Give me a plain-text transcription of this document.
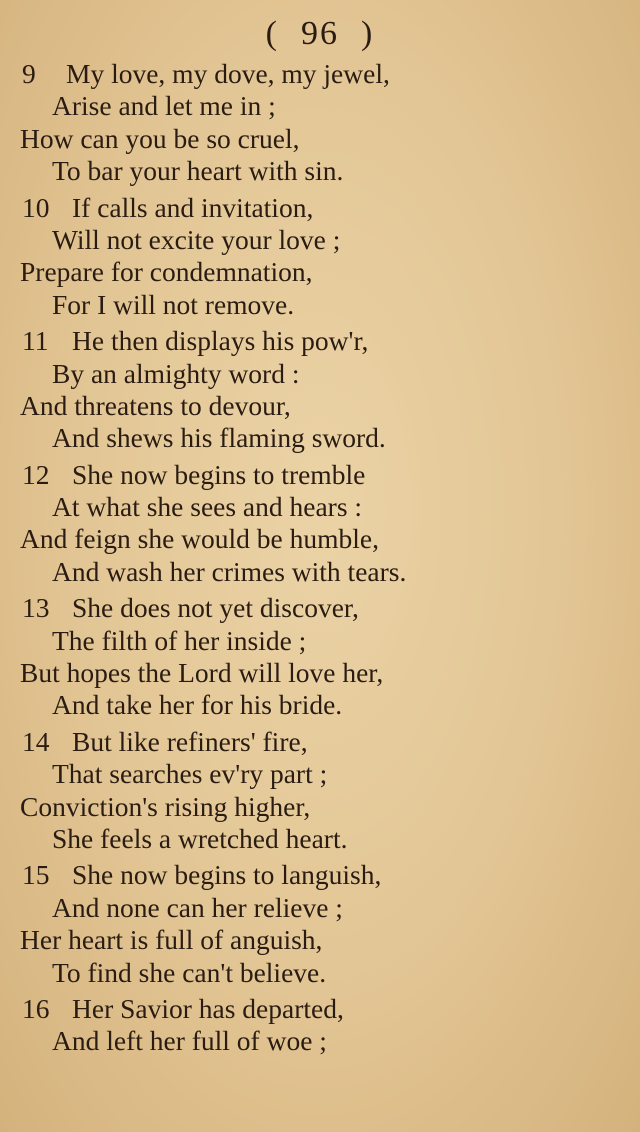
( 96 )
9 My love, my dove, my jewel,
Arise and let me in ;
How can you be so cruel,
To bar your heart with sin.
10 If calls and invitation,
Will not excite your love ;
Prepare for condemnation,
For I will not remove.
11 He then displays his pow'r,
By an almighty word :
And threatens to devour,
And shews his flaming sword.
12 She now begins to tremble
At what she sees and hears :
And feign she would be humble,
And wash her crimes with tears.
13 She does not yet discover,
The filth of her inside ;
But hopes the Lord will love her,
And take her for his bride.
14 But like refiners' fire,
That searches ev'ry part ;
Conviction's rising higher,
She feels a wretched heart.
15 She now begins to languish,
And none can her relieve ;
Her heart is full of anguish,
To find she can't believe.
16 Her Savior has departed,
And left her full of woe ;
